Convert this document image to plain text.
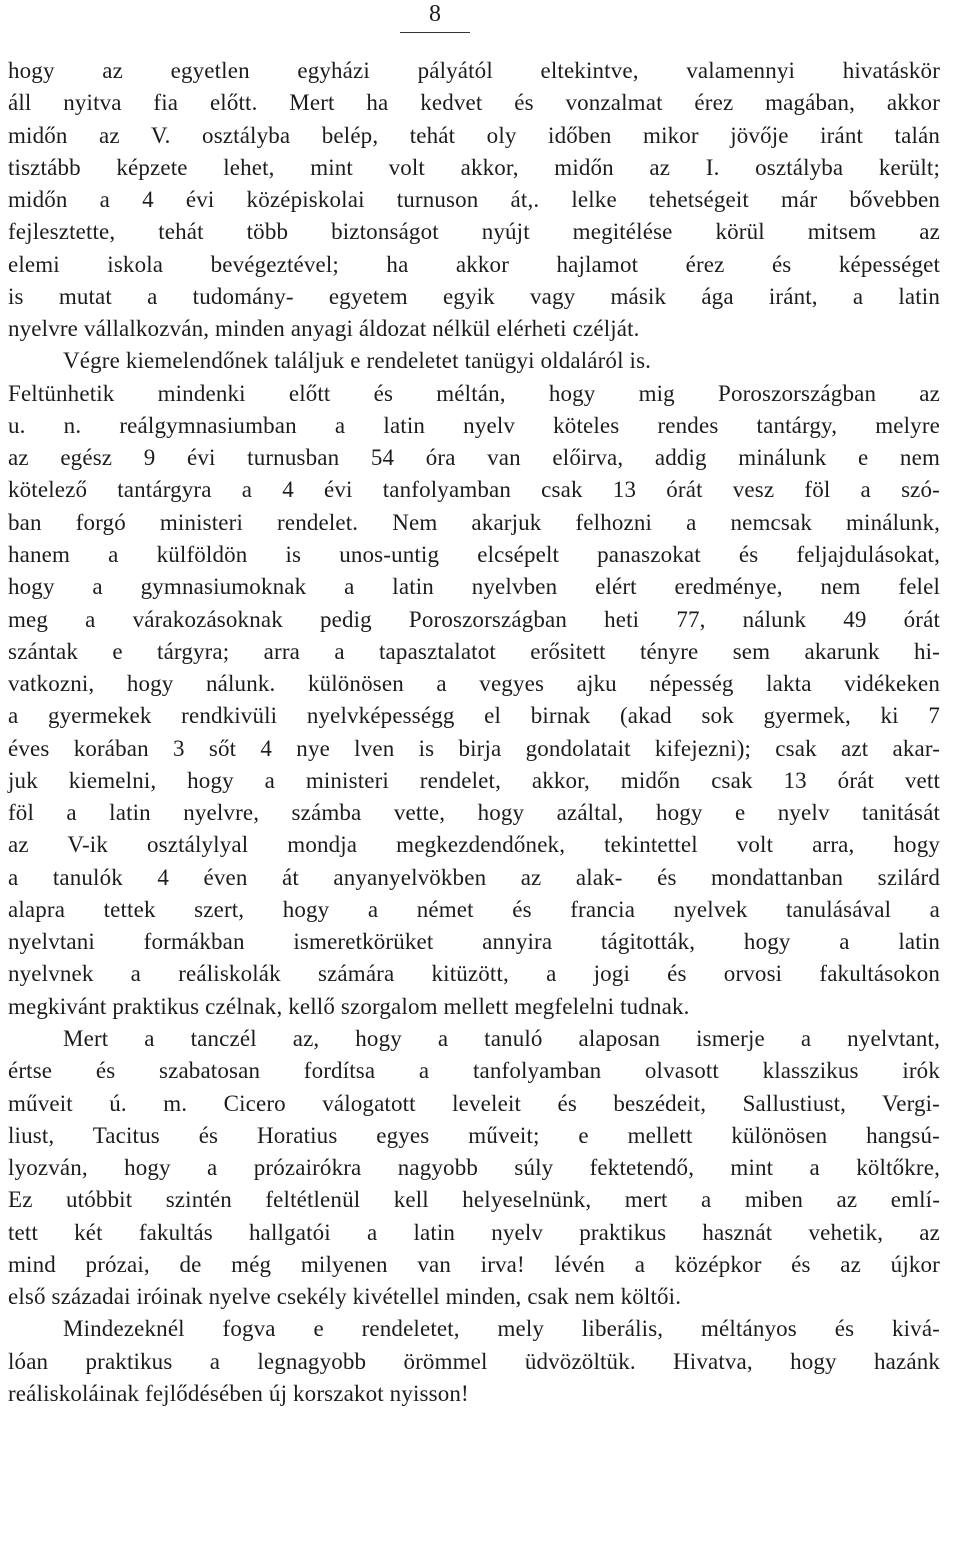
8
hogy az egyetlen egyházi pályától eltekintve, valamennyi hivatáskör
áll nyitva fia előtt. Mert ha kedvet és vonzalmat érez magában, akkor
midőn az V. osztályba belép, tehát oly időben mikor jövője iránt talán
tisztább képzete lehet, mint volt akkor, midőn az I. osztályba került;
midőn a 4 évi középiskolai turnuson át,. lelke tehetségeit már bővebben
fejlesztette, tehát több biztonságot nyújt megitélése körül mitsem az
elemi iskola bevégeztével; ha akkor hajlamot érez és képességet
is mutat a tudomány- egyetem egyik vagy másik ága iránt, a latin
nyelvre vállalkozván, minden anyagi áldozat nélkül elérheti czélját.
Végre kiemelendőnek találjuk e rendeletet tanügyi oldaláról is.
Feltünhetik mindenki előtt és méltán, hogy mig Poroszországban az
u. n. reálgymnasiumban a latin nyelv köteles rendes tantárgy, melyre
az egész 9 évi turnusban 54 óra van előirva, addig minálunk e nem
kötelező tantárgyra a 4 évi tanfolyamban csak 13 órát vesz föl a szó-
ban forgó ministeri rendelet. Nem akarjuk felhozni a nemcsak minálunk,
hanem a külföldön is unos-untig elcsépelt panaszokat és feljajdulásokat,
hogy a gymnasiumoknak a latin nyelvben elért eredménye, nem felel
meg a várakozásoknak pedig Poroszországban heti 77, nálunk 49 órát
szántak e tárgyra; arra a tapasztalatot erősitett tényre sem akarunk hi-
vatkozni, hogy nálunk. különösen a vegyes ajku népesség lakta vidékeken
a gyermekek rendkivüli nyelvképességg el birnak (akad sok gyermek, ki 7
éves korában 3 sőt 4 nye lven is birja gondolatait kifejezni); csak azt akar-
juk kiemelni, hogy a ministeri rendelet, akkor, midőn csak 13 órát vett
föl a latin nyelvre, számba vette, hogy azáltal, hogy e nyelv tanitását
az V-ik osztálylyal mondja megkezdendőnek, tekintettel volt arra, hogy
a tanulók 4 éven át anyanyelvökben az alak- és mondattanban szilárd
alapra tettek szert, hogy a német és francia nyelvek tanulásával a
nyelvtani formákban ismeretkörüket annyira tágitották, hogy a latin
nyelvnek a reáliskolák számára kitüzött, a jogi és orvosi fakultásokon
megkivánt praktikus czélnak, kellő szorgalom mellett megfelelni tudnak.
Mert a tanczél az, hogy a tanuló alaposan ismerje a nyelvtant,
értse és szabatosan fordítsa a tanfolyamban olvasott klasszikus irók
műveit ú. m. Cicero válogatott leveleit és beszédeit, Sallustiust, Vergi-
liust, Tacitus és Horatius egyes műveit; e mellett különösen hangsú-
lyozván, hogy a prózairókra nagyobb súly fektetendő, mint a költőkre,
Ez utóbbit szintén feltétlenül kell helyeselnünk, mert a miben az emlí-
tett két fakultás hallgatói a latin nyelv praktikus hasznát vehetik, az
mind prózai, de még milyenen van irva! lévén a középkor és az újkor
első századai iróinak nyelve csekély kivétellel minden, csak nem költői.
Mindezeknél fogva e rendeletet, mely liberális, méltányos és kivá-
lóan praktikus a legnagyobb örömmel üdvözöltük. Hivatva, hogy hazánk
reáliskoláinak fejlődésében új korszakot nyisson!
